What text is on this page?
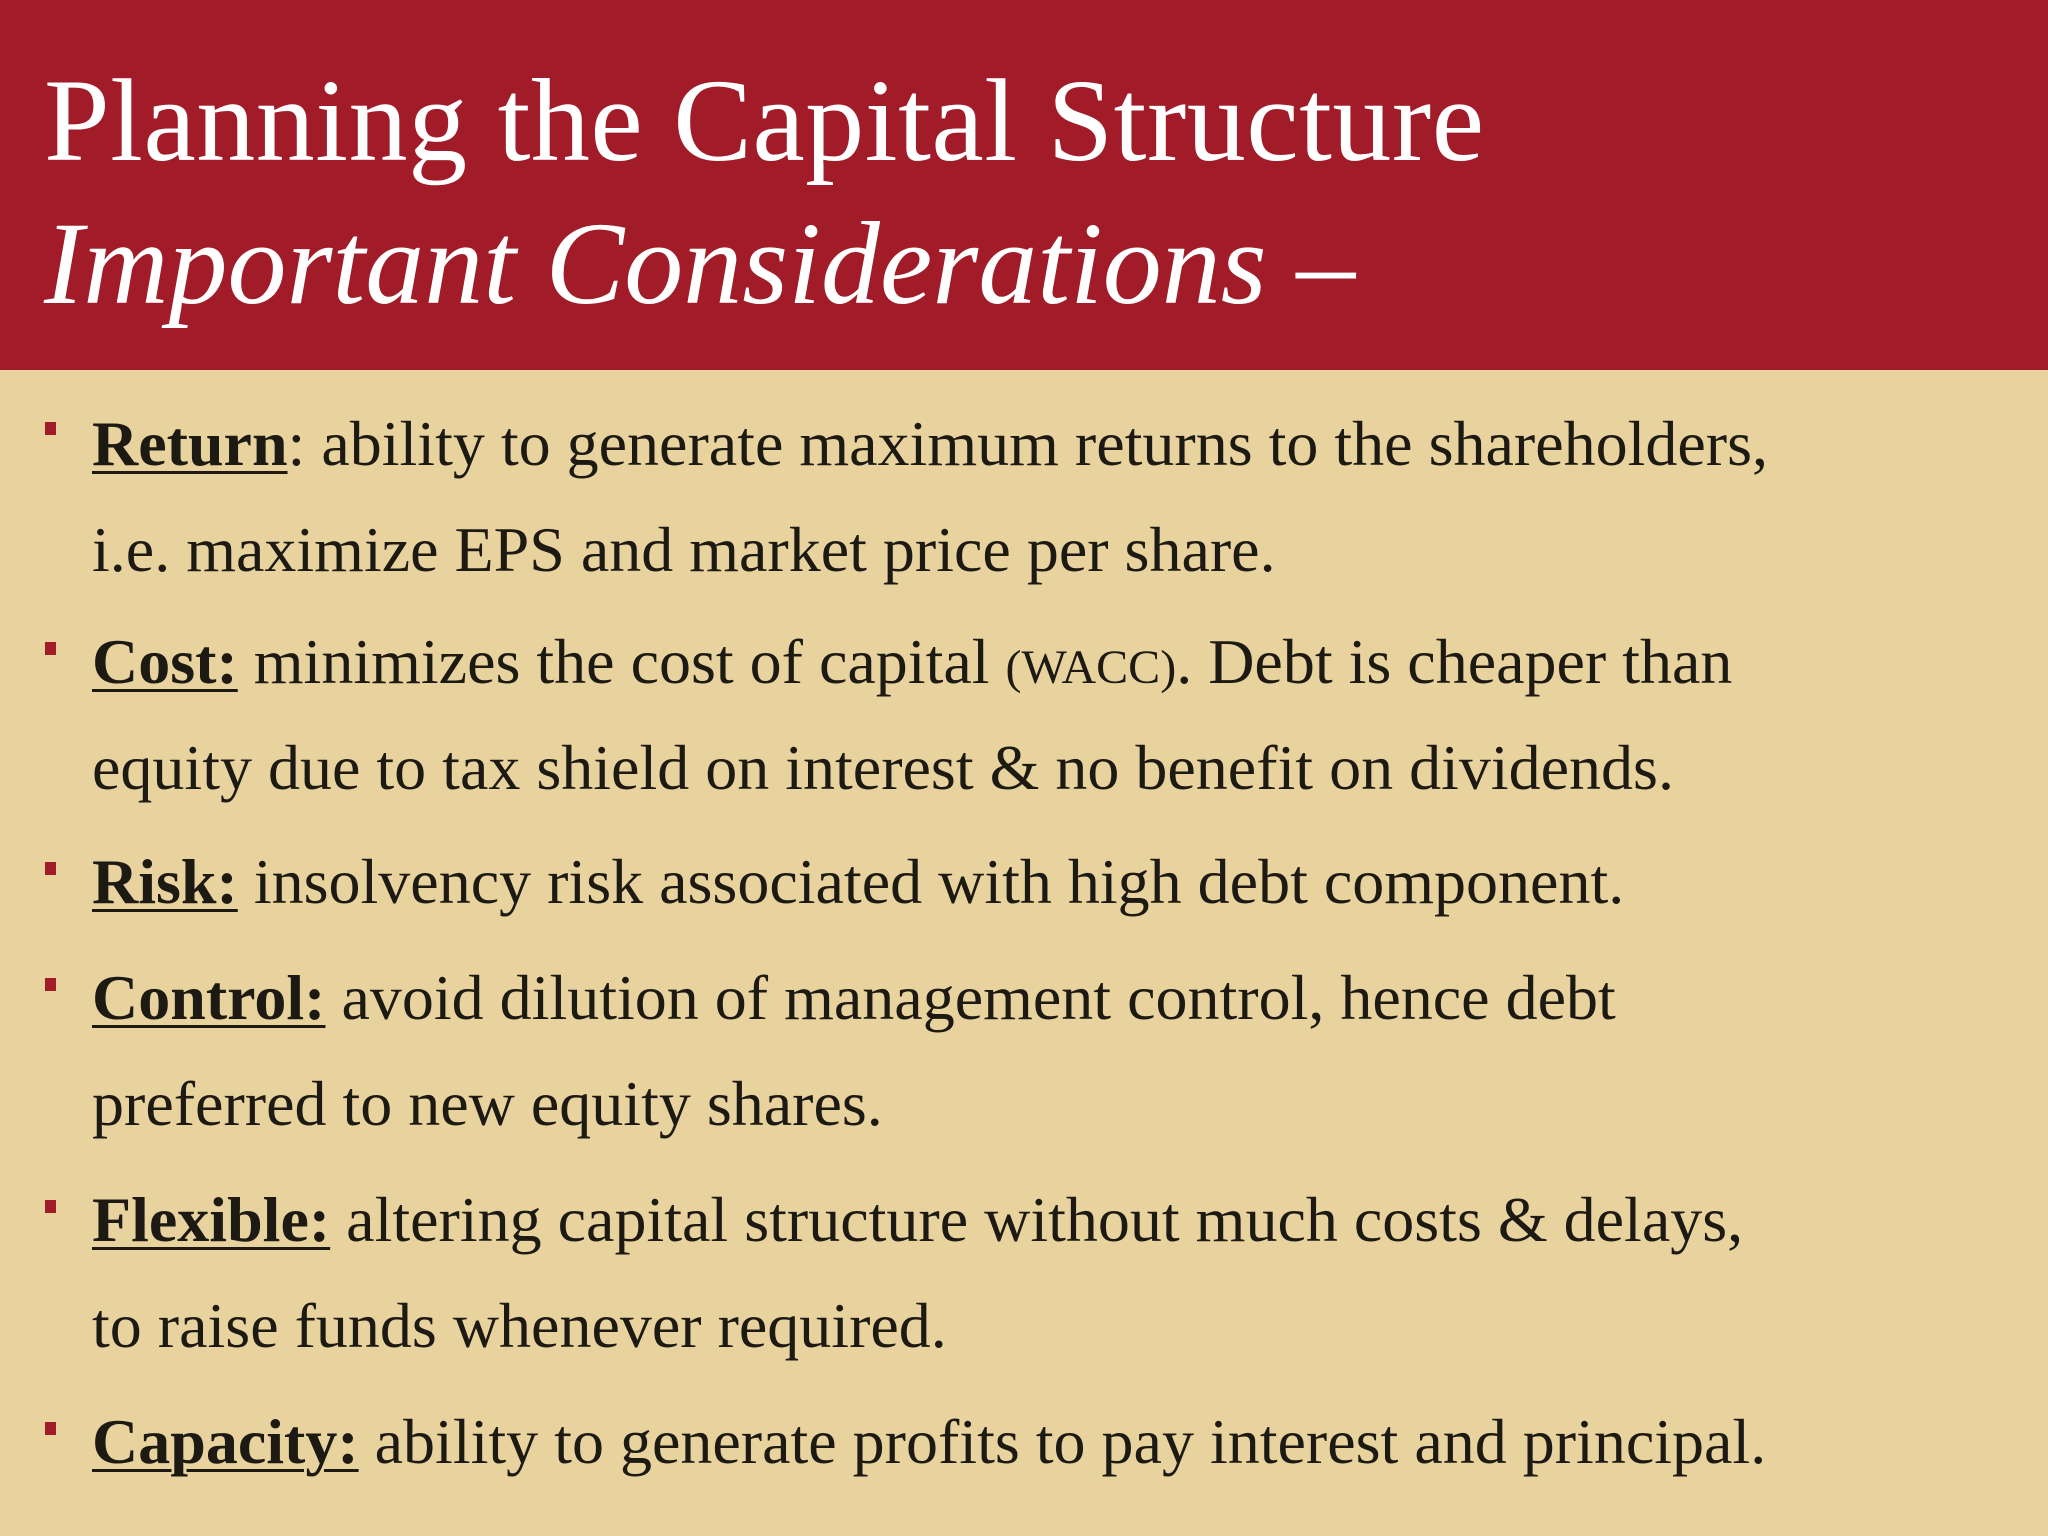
Planning the Capital Structure
Important Considerations –
Return: ability to generate maximum returns to the shareholders,
i.e. maximize EPS and market price per share.
Cost: minimizes the cost of capital (WACC). Debt is cheaper than
equity due to tax shield on interest & no benefit on dividends.
Risk: insolvency risk associated with high debt component.
Control: avoid dilution of management control, hence debt
preferred to new equity shares.
Flexible: altering capital structure without much costs & delays,
to raise funds whenever required.
Capacity: ability to generate profits to pay interest and principal.
